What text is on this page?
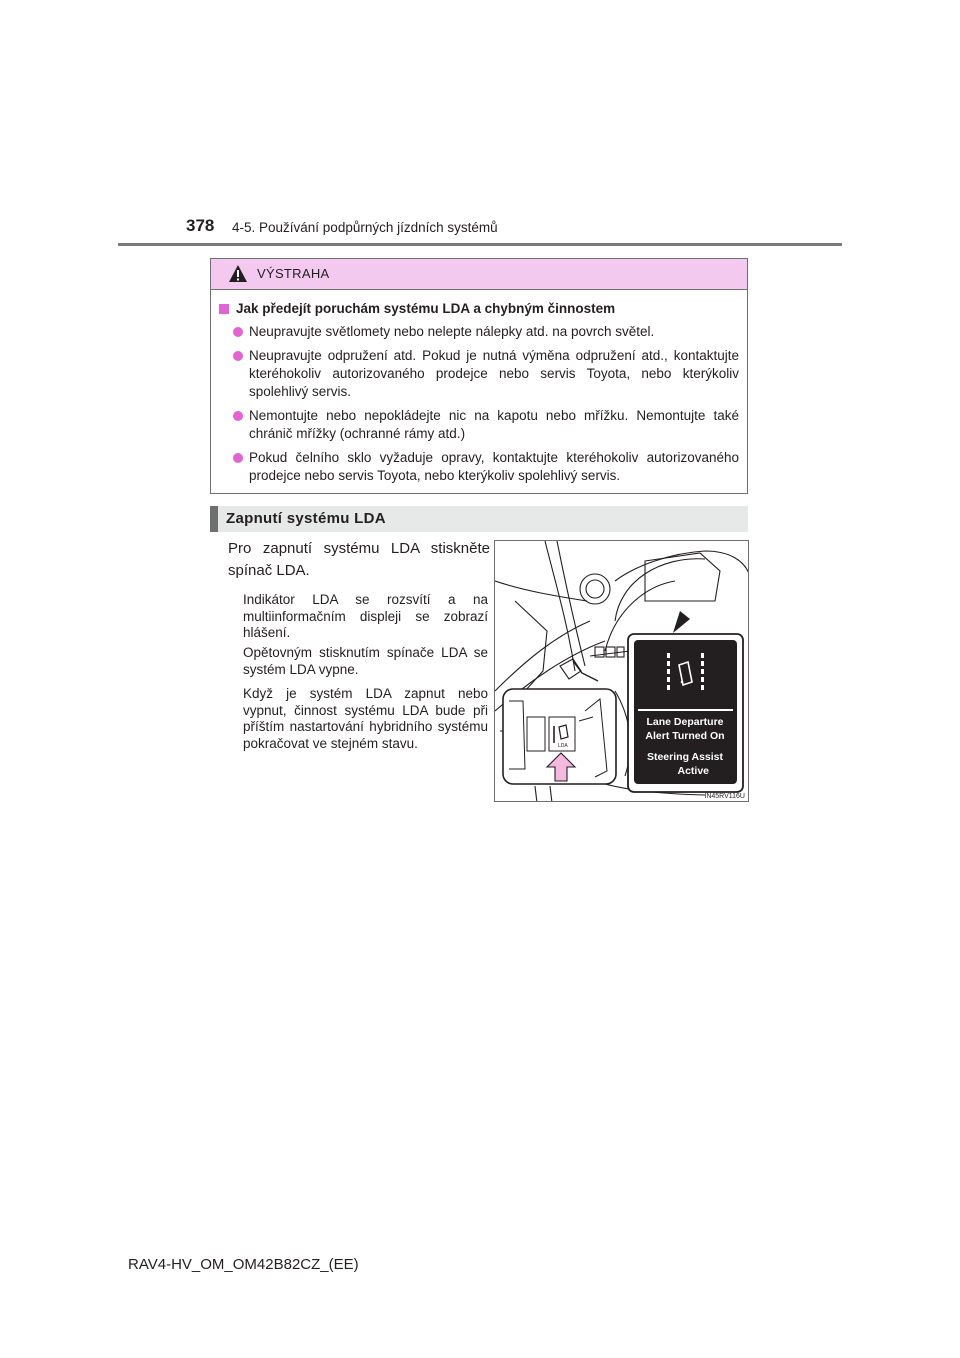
378 4-5. Používání podpůrných jízdních systémů
VÝSTRAHA
Jak předejít poruchám systému LDA a chybným činnostem
Neupravujte světlomety nebo nelepte nálepky atd. na povrch světel.
Neupravujte odpružení atd. Pokud je nutná výměna odpružení atd., kontaktujte kteréhokoliv autorizovaného prodejce nebo servis Toyota, nebo kterýkoliv spolehlivý servis.
Nemontujte nebo nepokládejte nic na kapotu nebo mřížku. Nemontujte také chránič mřížky (ochranné rámy atd.)
Pokud čelního sklo vyžaduje opravy, kontaktujte kteréhokoliv autorizovaného prodejce nebo servis Toyota, nebo kterýkoliv spolehlivý servis.
Zapnutí systému LDA
Pro zapnutí systému LDA stiskněte spínač LDA.
Indikátor LDA se rozsvítí a na multiinformačním displeji se zobrazí hlášení.
Opětovným stisknutím spínače LDA se systém LDA vypne.
Když je systém LDA zapnut nebo vypnut, činnost systému LDA bude při příštím nastartování hybridního systému pokračovat ve stejném stavu.	LDA
Lane Departure
Alert Turned On
Steering Assist
Active
IN45RV116U
RAV4-HV_OM_OM42B82CZ_(EE)
